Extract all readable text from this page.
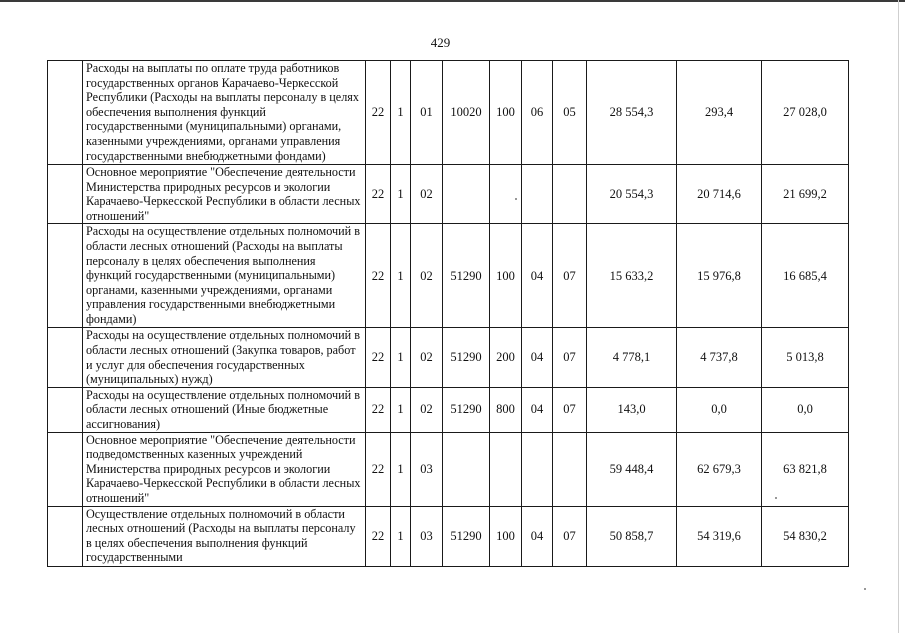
429
	Расходы на выплаты по оплате труда работников государственных органов Карачаево-Черкесской Республики (Расходы на выплаты персоналу в целях обеспечения выполнения функций государственными (муниципальными) органами, казенными учреждениями, органами управления государственными внебюджетными фондами)	22	1	01	10020	100	06	05	28 554,3	293,4	27 028,0
	Основное мероприятие "Обеспечение деятельности Министерства природных ресурсов и экологии Карачаево-Черкесской Республики в области лесных отношений"	22	1	02					20 554,3	20 714,6	21 699,2
	Расходы на осуществление отдельных полномочий в области лесных отношений (Расходы на выплаты персоналу в целях обеспечения выполнения функций государственными (муниципальными) органами, казенными учреждениями, органами управления государственными внебюджетными фондами)	22	1	02	51290	100	04	07	15 633,2	15 976,8	16 685,4
	Расходы на осуществление отдельных полномочий в области лесных отношений (Закупка товаров, работ и услуг для обеспечения государственных (муниципальных) нужд)	22	1	02	51290	200	04	07	4 778,1	4 737,8	5 013,8
	Расходы на осуществление отдельных полномочий в области лесных отношений (Иные бюджетные ассигнования)	22	1	02	51290	800	04	07	143,0	0,0	0,0
	Основное мероприятие "Обеспечение деятельности подведомственных казенных учреждений Министерства природных ресурсов и экологии Карачаево-Черкесской Республики в области лесных отношений"	22	1	03					59 448,4	62 679,3	63 821,8
	Осуществление отдельных полномочий в области лесных отношений (Расходы на выплаты персоналу в целях обеспечения выполнения функций государственными	22	1	03	51290	100	04	07	50 858,7	54 319,6	54 830,2
